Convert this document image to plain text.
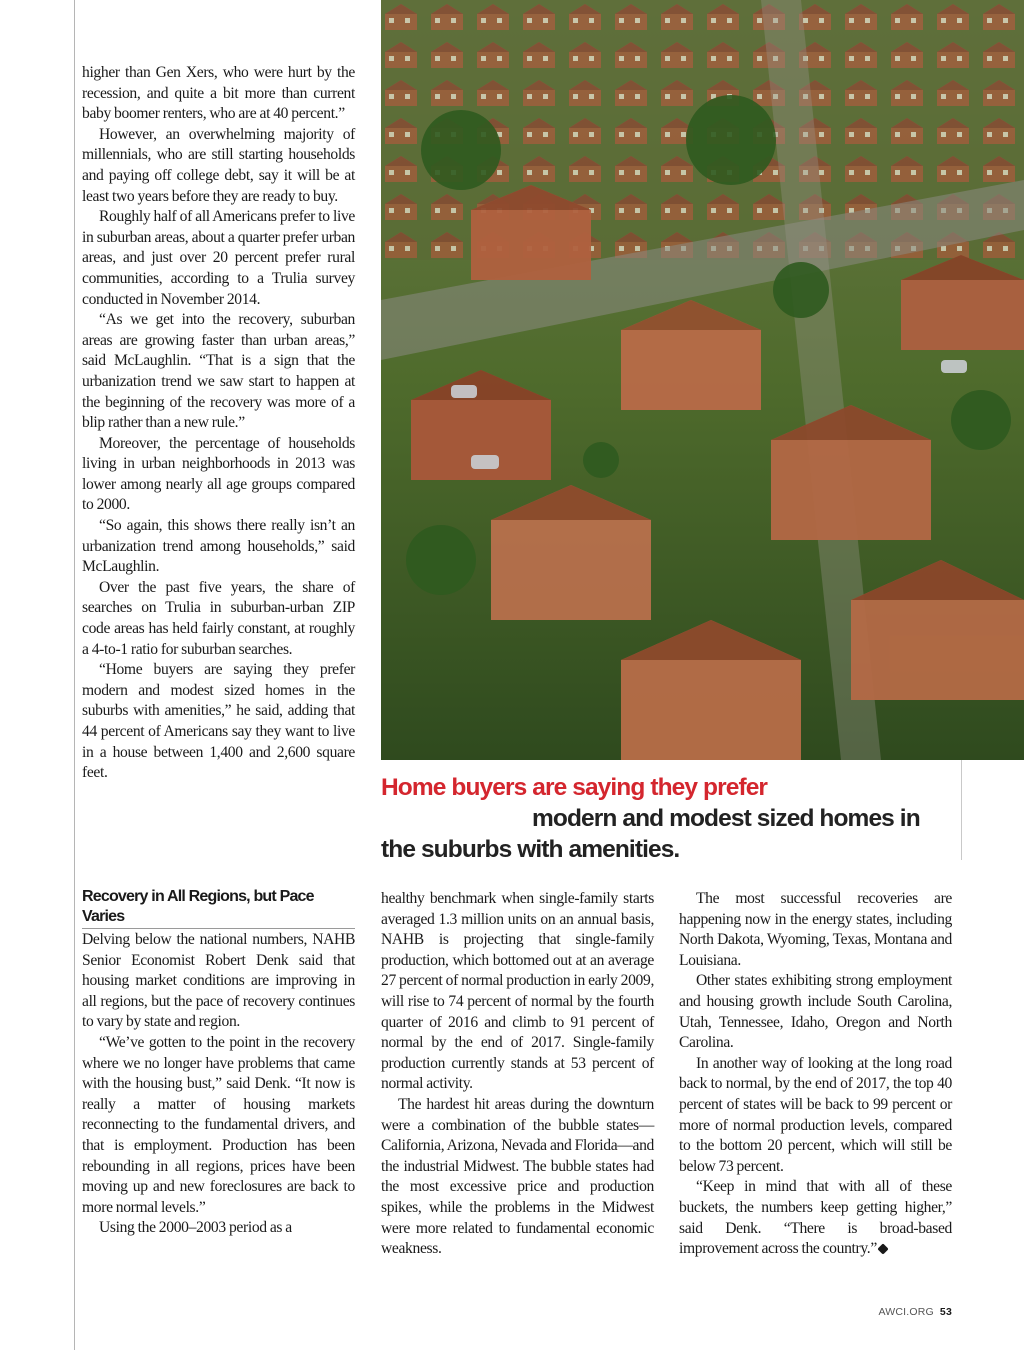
higher than Gen Xers, who were hurt by the recession, and quite a bit more than current baby boomer renters, who are at 40 percent.”

However, an overwhelming majority of millennials, who are still starting households and paying off college debt, say it will be at least two years before they are ready to buy.

Roughly half of all Americans prefer to live in suburban areas, about a quarter prefer urban areas, and just over 20 percent prefer rural communities, according to a Trulia survey conducted in November 2014.

“As we get into the recovery, suburban areas are growing faster than urban areas,” said McLaughlin. “That is a sign that the urbanization trend we saw start to happen at the beginning of the recovery was more of a blip rather than a new rule.”

Moreover, the percentage of households living in urban neighborhoods in 2013 was lower among nearly all age groups compared to 2000.

“So again, this shows there really isn’t an urbanization trend among households,” said McLaughlin.

Over the past five years, the share of searches on Trulia in suburban-urban ZIP code areas has held fairly constant, at roughly a 4-to-1 ratio for suburban searches.

“Home buyers are saying they prefer modern and modest sized homes in the suburbs with amenities,” he said, adding that 44 percent of Americans say they want to live in a house between 1,400 and 2,600 square feet.

Recovery in All Regions, but Pace Varies

Delving below the national numbers, NAHB Senior Economist Robert Denk said that housing market conditions are improving in all regions, but the pace of recovery continues to vary by state and region.

“We’ve gotten to the point in the recovery where we no longer have problems that came with the housing bust,” said Denk. “It now is really a matter of housing markets reconnecting to the fundamental drivers, and that is employment. Production has been rebounding in all regions, prices have been moving up and new foreclosures are back to more normal levels.”

Using the 2000–2003 period as a

Home buyers are saying they prefer
modern and modest sized homes in
the suburbs with amenities.

healthy benchmark when single-family starts averaged 1.3 million units on an annual basis, NAHB is projecting that single-family production, which bottomed out at an average 27 percent of normal production in early 2009, will rise to 74 percent of normal by the fourth quarter of 2016 and climb to 91 percent of normal by the end of 2017. Single-family production currently stands at 53 percent of normal activity.

The hardest hit areas during the downturn were a combination of the bubble states—California, Arizona, Nevada and Florida—and the industrial Midwest. The bubble states had the most excessive price and production spikes, while the problems in the Midwest were more related to fundamental economic weakness.

The most successful recoveries are happening now in the energy states, including North Dakota, Wyoming, Texas, Montana and Louisiana.

Other states exhibiting strong employment and housing growth include South Carolina, Utah, Tennessee, Idaho, Oregon and North Carolina.

In another way of looking at the long road back to normal, by the end of 2017, the top 40 percent of states will be back to 99 percent or more of normal production levels, compared to the bottom 20 percent, which will still be below 73 percent.

“Keep in mind that with all of these buckets, the numbers keep getting higher,” said Denk. “There is broad-based improvement across the country.”

AWCI.ORG 53
